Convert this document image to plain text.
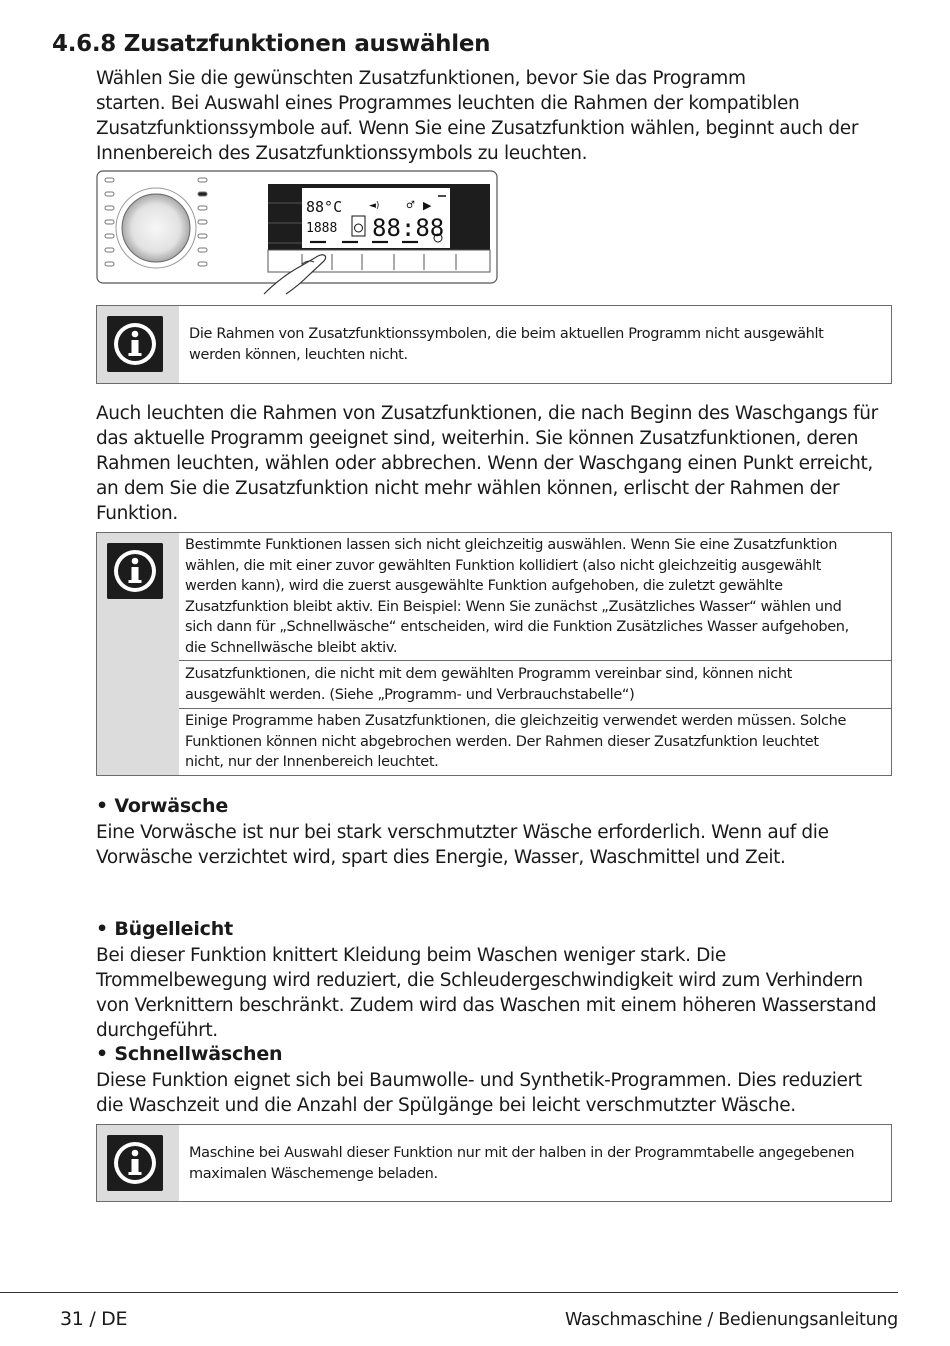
4.6.8 Zusatzfunktionen auswählen

Wählen Sie die gewünschten Zusatzfunktionen, bevor Sie das Programm
starten. Bei Auswahl eines Programmes leuchten die Rahmen der kompatiblen
Zusatzfunktionssymbole auf. Wenn Sie eine Zusatzfunktion wählen, beginnt auch der
Innenbereich des Zusatzfunktionssymbols zu leuchten.

88°C
1888 88:88
◄)	♂ ▶

Die Rahmen von Zusatzfunktionssymbolen, die beim aktuellen Programm nicht ausgewählt
werden können, leuchten nicht.

Auch leuchten die Rahmen von Zusatzfunktionen, die nach Beginn des Waschgangs für
das aktuelle Programm geeignet sind, weiterhin. Sie können Zusatzfunktionen, deren
Rahmen leuchten, wählen oder abbrechen. Wenn der Waschgang einen Punkt erreicht,
an dem Sie die Zusatzfunktion nicht mehr wählen können, erlischt der Rahmen der
Funktion.

Bestimmte Funktionen lassen sich nicht gleichzeitig auswählen. Wenn Sie eine Zusatzfunktion
wählen, die mit einer zuvor gewählten Funktion kollidiert (also nicht gleichzeitig ausgewählt
werden kann), wird die zuerst ausgewählte Funktion aufgehoben, die zuletzt gewählte
Zusatzfunktion bleibt aktiv. Ein Beispiel: Wenn Sie zunächst „Zusätzliches Wasser“ wählen und
sich dann für „Schnellwäsche“ entscheiden, wird die Funktion Zusätzliches Wasser aufgehoben,
die Schnellwäsche bleibt aktiv.

Zusatzfunktionen, die nicht mit dem gewählten Programm vereinbar sind, können nicht
ausgewählt werden. (Siehe „Programm- und Verbrauchstabelle“)

Einige Programme haben Zusatzfunktionen, die gleichzeitig verwendet werden müssen. Solche
Funktionen können nicht abgebrochen werden. Der Rahmen dieser Zusatzfunktion leuchtet
nicht, nur der Innenbereich leuchtet.

• Vorwäsche

Eine Vorwäsche ist nur bei stark verschmutzter Wäsche erforderlich. Wenn auf die
Vorwäsche verzichtet wird, spart dies Energie, Wasser, Waschmittel und Zeit.

• Bügelleicht

Bei dieser Funktion knittert Kleidung beim Waschen weniger stark. Die
Trommelbewegung wird reduziert, die Schleudergeschwindigkeit wird zum Verhindern
von Verknittern beschränkt. Zudem wird das Waschen mit einem höheren Wasserstand
durchgeführt.

• Schnellwäschen

Diese Funktion eignet sich bei Baumwolle- und Synthetik-Programmen. Dies reduziert
die Waschzeit und die Anzahl der Spülgänge bei leicht verschmutzter Wäsche.

Maschine bei Auswahl dieser Funktion nur mit der halben in der Programmtabelle angegebenen
maximalen Wäschemenge beladen.

31 / DE	Waschmaschine / Bedienungsanleitung
